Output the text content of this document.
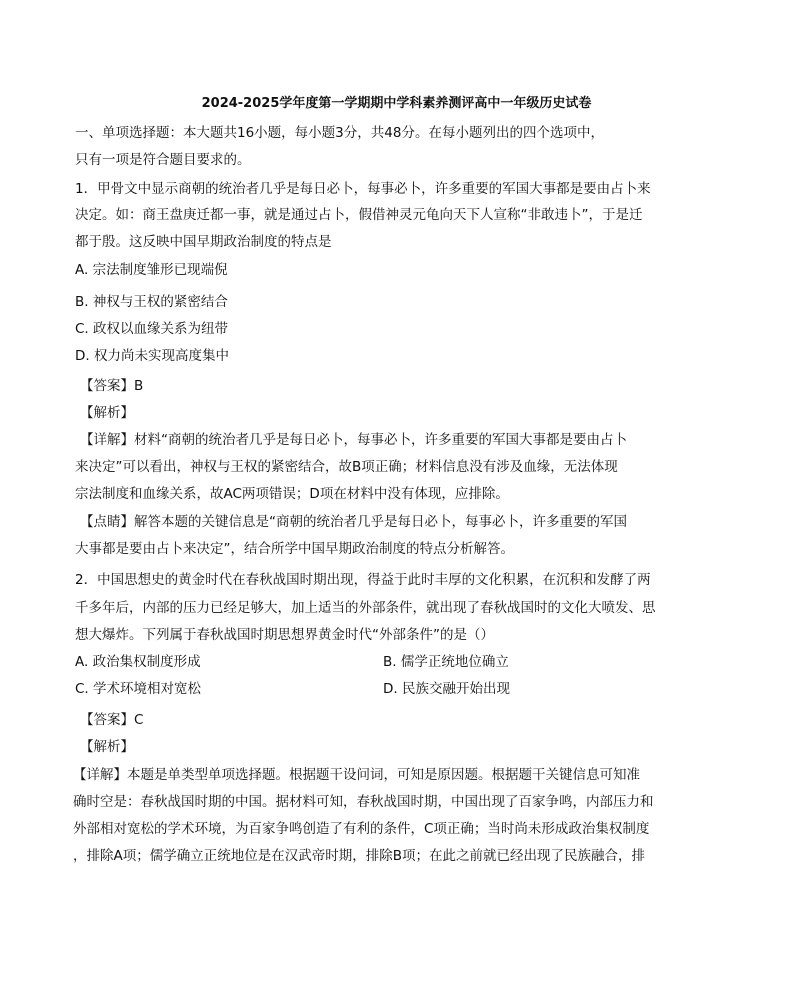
2024-2025学年度第一学期期中学科素养测评高中一年级历史试卷
一、单项选择题：本大题共16小题，每小题3分，共48分。在每小题列出的四个选项中，
只有一项是符合题目要求的。
1．甲骨文中显示商朝的统治者几乎是每日必卜，每事必卜，许多重要的军国大事都是要由占卜来
决定。如：商王盘庚迁都一事，就是通过占卜，假借神灵元龟向天下人宣称“非敢违卜”，于是迁
都于殷。这反映中国早期政治制度的特点是
A. 宗法制度雏形已现端倪
B. 神权与王权的紧密结合
C. 政权以血缘关系为纽带
D. 权力尚未实现高度集中
【答案】B
【解析】
【详解】材料“商朝的统治者几乎是每日必卜，每事必卜，许多重要的军国大事都是要由占卜
来决定”可以看出，神权与王权的紧密结合，故B项正确；材料信息没有涉及血缘，无法体现
宗法制度和血缘关系，故AC两项错误；D项在材料中没有体现，应排除。
【点睛】解答本题的关键信息是“商朝的统治者几乎是每日必卜，每事必卜，许多重要的军国
大事都是要由占卜来决定”，结合所学中国早期政治制度的特点分析解答。
2．中国思想史的黄金时代在春秋战国时期出现，得益于此时丰厚的文化积累，在沉积和发酵了两
千多年后，内部的压力已经足够大，加上适当的外部条件，就出现了春秋战国时的文化大喷发、思
想大爆炸。下列属于春秋战国时期思想界黄金时代“外部条件”的是（）
A. 政治集权制度形成	B. 儒学正统地位确立
C. 学术环境相对宽松	D. 民族交融开始出现
【答案】C
【解析】
【详解】本题是单类型单项选择题。根据题干设问词，可知是原因题。根据题干关键信息可知准
确时空是：春秋战国时期的中国。据材料可知，春秋战国时期，中国出现了百家争鸣，内部压力和
外部相对宽松的学术环境，为百家争鸣创造了有利的条件，C项正确；当时尚未形成政治集权制度
，排除A项；儒学确立正统地位是在汉武帝时期，排除B项；在此之前就已经出现了民族融合，排
